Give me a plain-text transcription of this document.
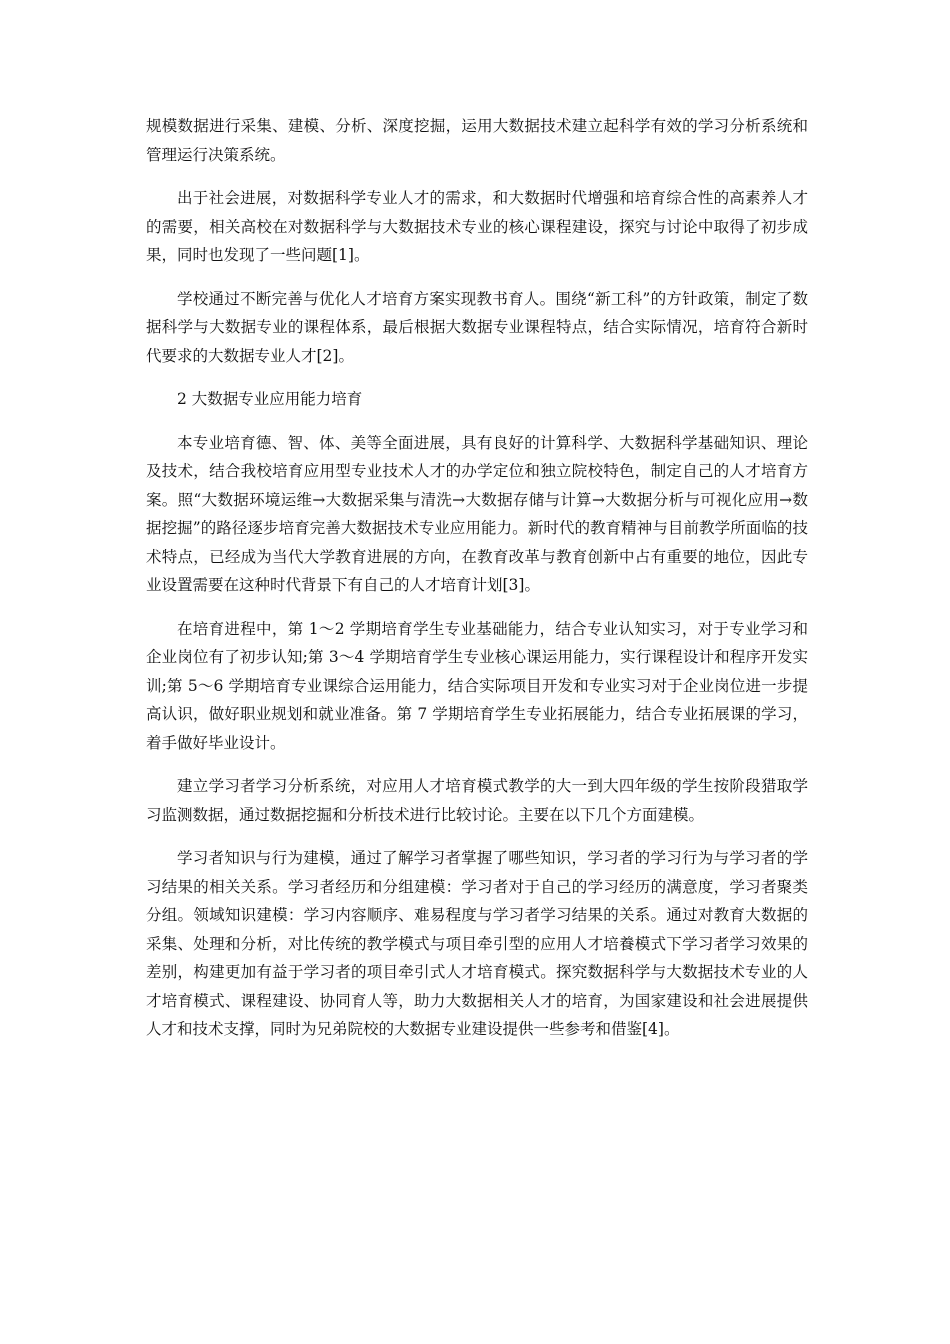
规模数据进行采集、建模、分析、深度挖掘，运用大数据技术建立起科学有效的学习分析系统和管理运行决策系统。

出于社会进展，对数据科学专业人才的需求，和大数据时代增强和培育综合性的高素养人才的需要，相关高校在对数据科学与大数据技术专业的核心课程建设，探究与讨论中取得了初步成果，同时也发现了一些问题[1]。

学校通过不断完善与优化人才培育方案实现教书育人。围绕“新工科”的方针政策，制定了数据科学与大数据专业的课程体系，最后根据大数据专业课程特点，结合实际情况，培育符合新时代要求的大数据专业人才[2]。

2 大数据专业应用能力培育

本专业培育德、智、体、美等全面进展，具有良好的计算科学、大数据科学基础知识、理论及技术，结合我校培育应用型专业技术人才的办学定位和独立院校特色，制定自己的人才培育方案。照“大数据环境运维→大数据采集与清洗→大数据存储与计算→大数据分析与可视化应用→数据挖掘”的路径逐步培育完善大数据技术专业应用能力。新时代的教育精神与目前教学所面临的技术特点，已经成为当代大学教育进展的方向，在教育改革与教育创新中占有重要的地位，因此专业设置需要在这种时代背景下有自己的人才培育计划[3]。

在培育进程中，第 1～2 学期培育学生专业基础能力，结合专业认知实习，对于专业学习和企业岗位有了初步认知;第 3～4 学期培育学生专业核心课运用能力，实行课程设计和程序开发实训;第 5～6 学期培育专业课综合运用能力，结合实际项目开发和专业实习对于企业岗位进一步提高认识，做好职业规划和就业准备。第 7 学期培育学生专业拓展能力，结合专业拓展课的学习，着手做好毕业设计。

建立学习者学习分析系统，对应用人才培育模式教学的大一到大四年级的学生按阶段猎取学习监测数据，通过数据挖掘和分析技术进行比较讨论。主要在以下几个方面建模。

学习者知识与行为建模，通过了解学习者掌握了哪些知识，学习者的学习行为与学习者的学习结果的相关关系。学习者经历和分组建模：学习者对于自己的学习经历的满意度，学习者聚类分组。领域知识建模：学习内容顺序、难易程度与学习者学习结果的关系。通过对教育大数据的采集、处理和分析，对比传统的教学模式与项目牵引型的应用人才培養模式下学习者学习效果的差别，构建更加有益于学习者的项目牵引式人才培育模式。探究数据科学与大数据技术专业的人才培育模式、课程建设、协同育人等，助力大数据相关人才的培育，为国家建设和社会进展提供人才和技术支撑，同时为兄弟院校的大数据专业建设提供一些参考和借鉴[4]。
